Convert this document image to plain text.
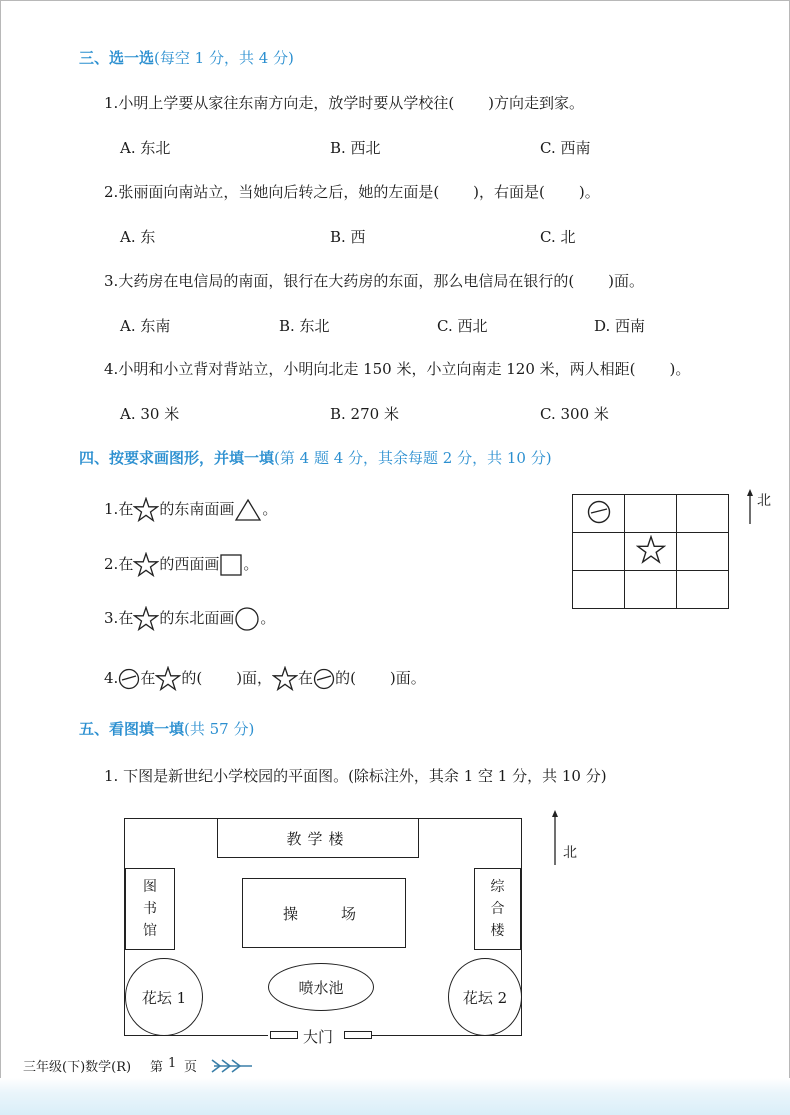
三、选一选(每空 1 分，共 4 分)
1.小明上学要从家往东南方向走，放学时要从学校往( )方向走到家。
A. 东北	B. 西北	C. 西南
2.张丽面向南站立，当她向后转之后，她的左面是( )，右面是( )。
A. 东	B. 西	C. 北
3.大药房在电信局的南面，银行在大药房的东面，那么电信局在银行的( )面。
A. 东南	B. 东北	C. 西北	D. 西南
4.小明和小立背对背站立，小明向北走 150 米，小立向南走 120 米，两人相距( )。
A. 30 米	B. 270 米	C. 300 米
四、按要求画图形，并填一填(第 4 题 4 分，其余每题 2 分，共 10 分)
1.在 的东南面画 。
2.在 的西面画 。
3.在 的东北面画 。
4. 在 的( )面， 在 的( )面。

北
五、看图填一填(共 57 分)
1. 下图是新世纪小学校园的平面图。(除标注外，其余 1 空 1 分，共 10 分)
教学楼
图
书
馆
操	场
综
合
楼
花坛 1
喷水池
花坛 2
大门
北
三年级(下)数学(R) 第 1 页
